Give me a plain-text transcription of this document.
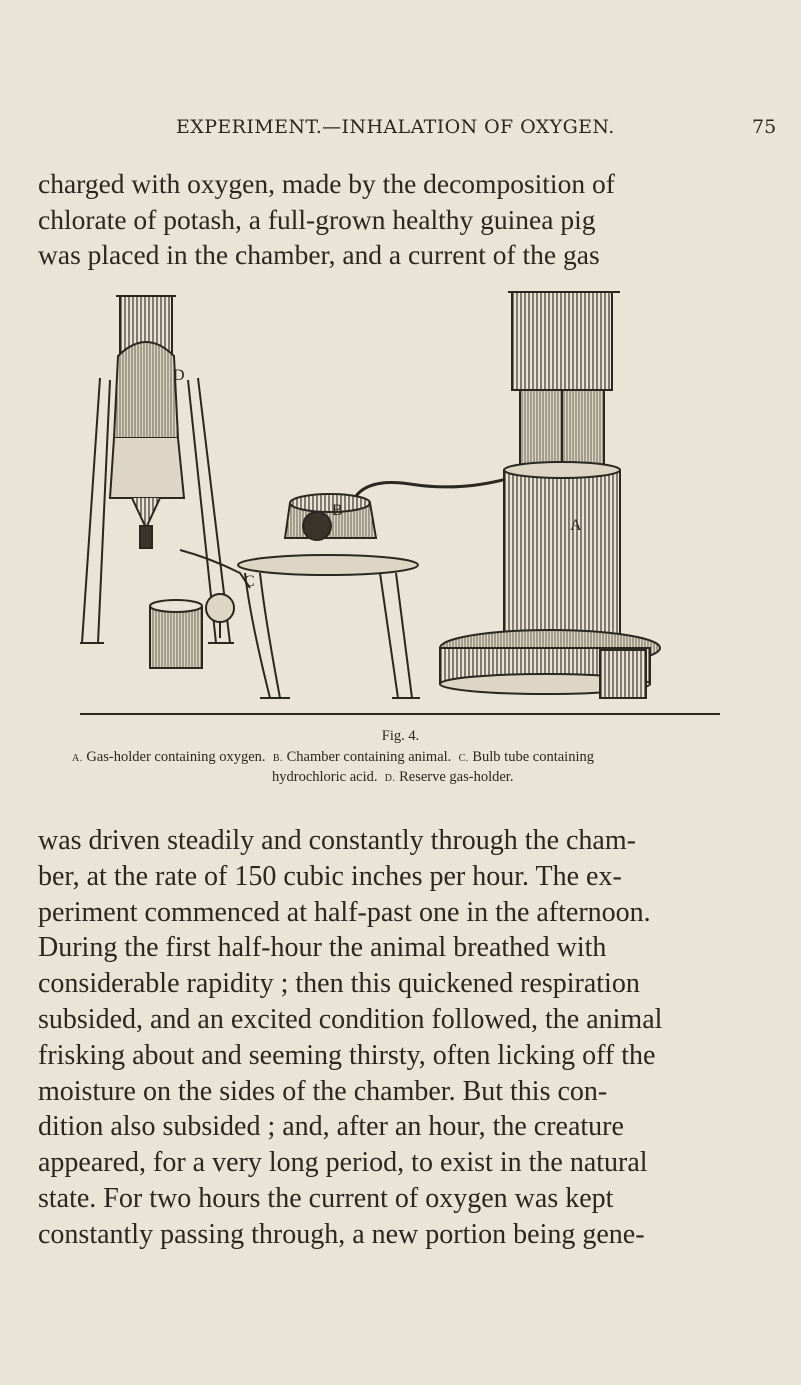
EXPERIMENT.—INHALATION OF OXYGEN.	75
charged with oxygen, made by the decomposition of
chlorate of potash, a full-grown healthy guinea pig
was placed in the chamber, and a current of the gas
D
B
C
A
Fig. 4.
A. Gas-holder containing oxygen. B. Chamber containing animal. C. Bulb tube containing
hydrochloric acid. D. Reserve gas-holder.
was driven steadily and constantly through the cham-
ber, at the rate of 150 cubic inches per hour. The ex-
periment commenced at half-past one in the afternoon.
During the first half-hour the animal breathed with
considerable rapidity ; then this quickened respiration
subsided, and an excited condition followed, the animal
frisking about and seeming thirsty, often licking off the
moisture on the sides of the chamber. But this con-
dition also subsided ; and, after an hour, the creature
appeared, for a very long period, to exist in the natural
state. For two hours the current of oxygen was kept
constantly passing through, a new portion being gene-
